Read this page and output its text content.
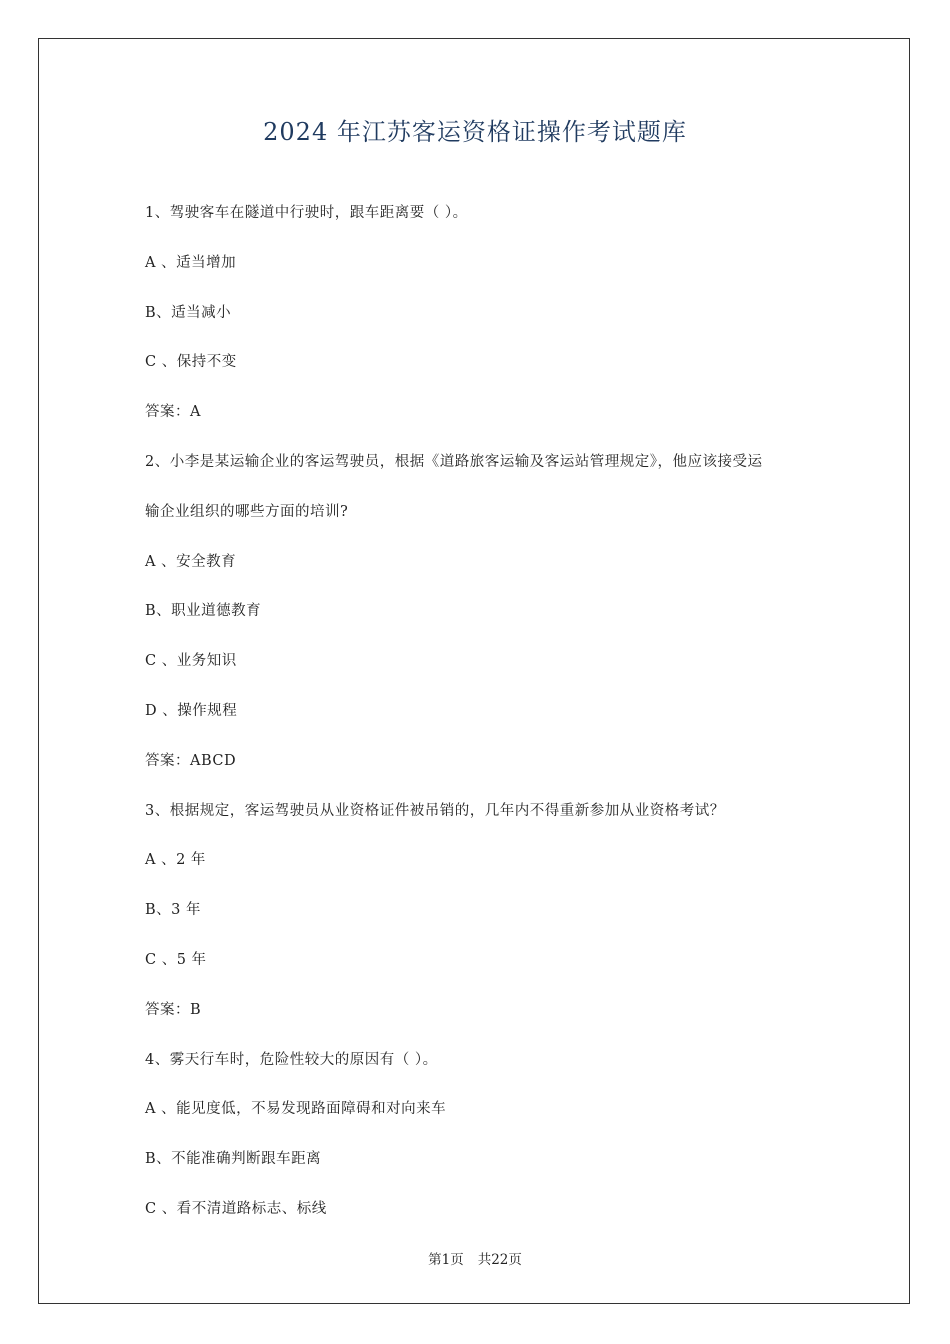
2024 年江苏客运资格证操作考试题库
1、驾驶客车在隧道中行驶时，跟车距离要（ ）。
A 、适当增加
B、适当减小
C 、保持不变
答案：A
2、小李是某运输企业的客运驾驶员，根据《道路旅客运输及客运站管理规定》，他应该接受运
输企业组织的哪些方面的培训?
A 、安全教育
B、职业道德教育
C 、业务知识
D 、操作规程
答案：ABCD
3、根据规定，客运驾驶员从业资格证件被吊销的，几年内不得重新参加从业资格考试？
A 、2 年
B、3 年
C 、5 年
答案：B
4、雾天行车时，危险性较大的原因有（ ）。
A 、能见度低，不易发现路面障碍和对向来车
B、不能准确判断跟车距离
C 、看不清道路标志、标线
第1页 共22页
